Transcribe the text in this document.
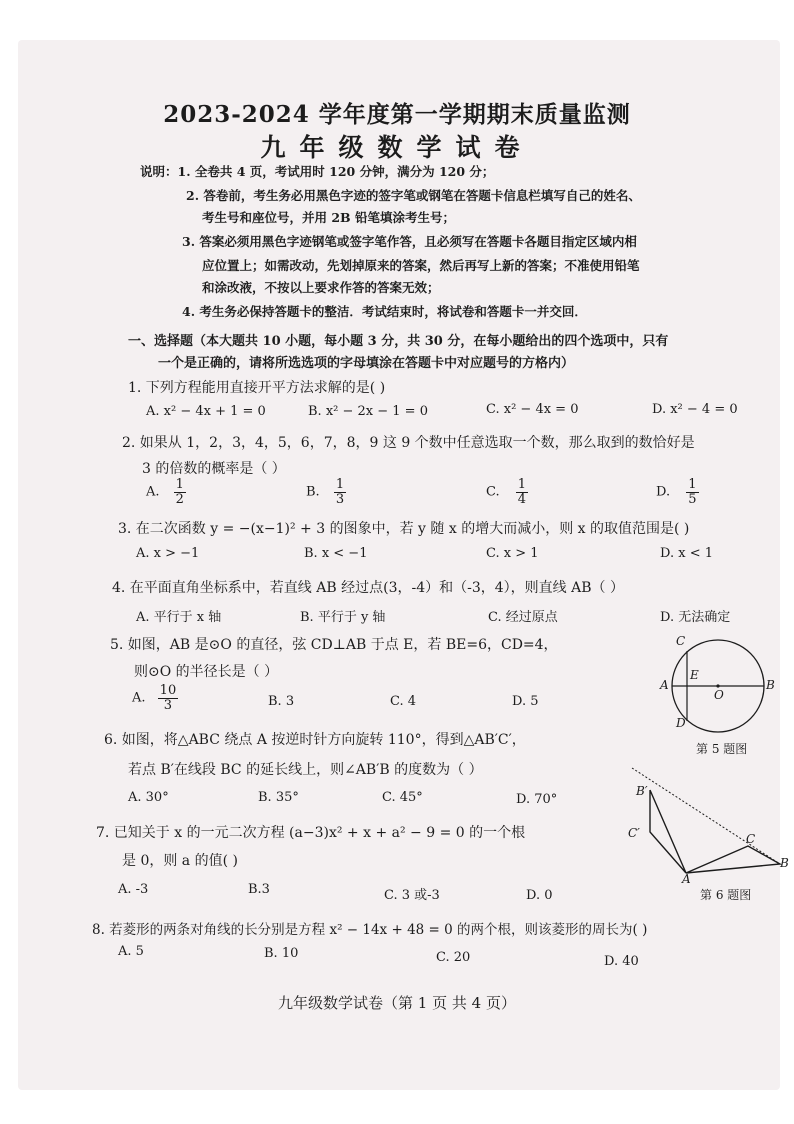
2023-2024 学年度第一学期期末质量监测
九年级数学试卷
说明：1. 全卷共 4 页，考试用时 120 分钟，满分为 120 分；
2. 答卷前，考生务必用黑色字迹的签字笔或钢笔在答题卡信息栏填写自己的姓名、
考生号和座位号，并用 2B 铅笔填涂考生号；
3. 答案必须用黑色字迹钢笔或签字笔作答，且必须写在答题卡各题目指定区域内相
应位置上；如需改动，先划掉原来的答案，然后再写上新的答案；不准使用铅笔
和涂改液，不按以上要求作答的答案无效；
4. 考生务必保持答题卡的整洁．考试结束时，将试卷和答题卡一并交回．
一、选择题（本大题共 10 小题，每小题 3 分，共 30 分，在每小题给出的四个选项中，只有
一个是正确的，请将所选选项的字母填涂在答题卡中对应题号的方格内）
1. 下列方程能用直接开平方法求解的是( )
A. x² − 4x + 1 = 0	B. x² − 2x − 1 = 0	C. x² − 4x = 0	D. x² − 4 = 0
2. 如果从 1，2，3，4，5，6，7，8，9 这 9 个数中任意选取一个数，那么取到的数恰好是
3 的倍数的概率是（ ）
A. $\frac{1}{2}$	B. $\frac{1}{3}$	C. $\frac{1}{4}$	D. $\frac{1}{5}$
3. 在二次函数 y = −(x−1)² + 3 的图象中，若 y 随 x 的增大而减小，则 x 的取值范围是( )
A. x > −1	B. x < −1	C. x > 1	D. x < 1
4. 在平面直角坐标系中，若直线 AB 经过点(3，-4）和（-3，4），则直线 AB（ ）
A. 平行于 x 轴	B. 平行于 y 轴	C. 经过原点	D. 无法确定
5. 如图，AB 是⊙O 的直径，弦 CD⊥AB 于点 E，若 BE=6，CD=4，
则⊙O 的半径长是（ ）
A. $\frac{10}{3}$	B. 3	C. 4	D. 5
C
E
A
O
B
D
第 5 题图
6. 如图，将△ABC 绕点 A 按逆时针方向旋转 110°，得到△AB′C′，
若点 B′在线段 BC 的延长线上，则∠AB′B 的度数为（ ）
A. 30°	B. 35°	C. 45°	D. 70°
B′
C′	C
A
B
第 6 题图
7. 已知关于 x 的一元二次方程 (a−3)x² + x + a² − 9 = 0 的一个根
是 0，则 a 的值( )
A. -3	B.3	C. 3 或-3	D. 0
8. 若菱形的两条对角线的长分别是方程 x² − 14x + 48 = 0 的两个根，则该菱形的周长为( )
A. 5	B. 10	C. 20	D. 40
九年级数学试卷（第 1 页 共 4 页）
